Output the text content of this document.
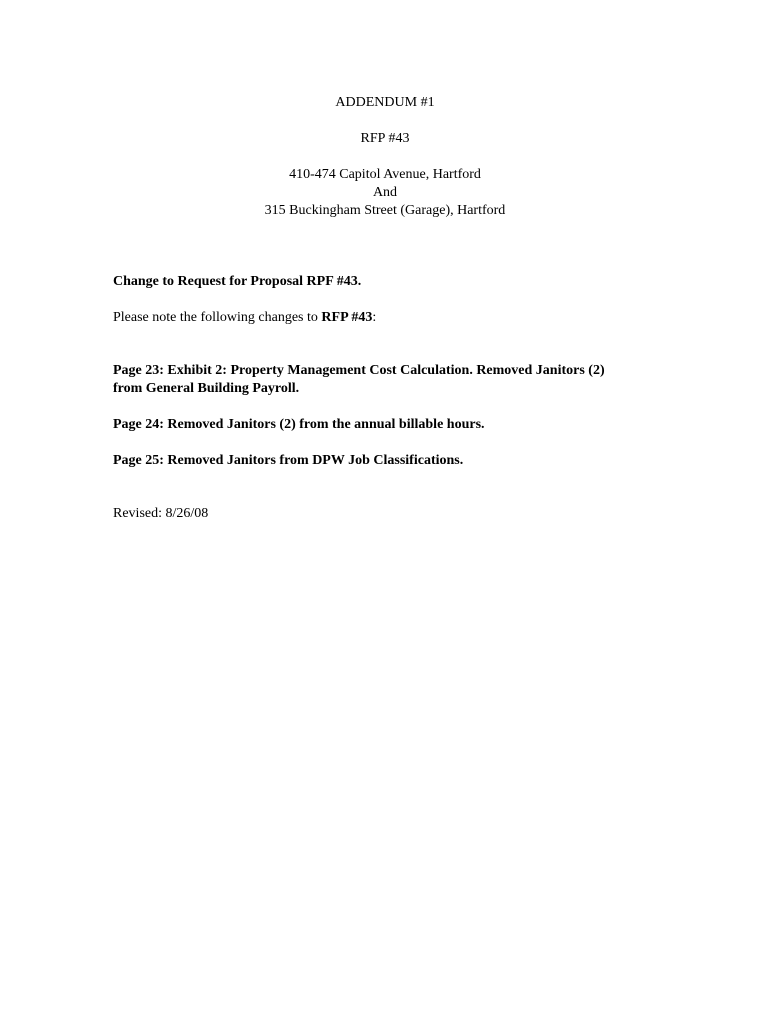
ADDENDUM #1

RFP #43

410-474 Capitol Avenue, Hartford

And

315 Buckingham Street (Garage), Hartford

Change to Request for Proposal RPF #43.

Please note the following changes to RFP #43:

Page 23: Exhibit 2: Property Management Cost Calculation. Removed Janitors (2)

from General Building Payroll.

Page 24: Removed Janitors (2) from the annual billable hours.

Page 25: Removed Janitors from DPW Job Classifications.

Revised: 8/26/08
